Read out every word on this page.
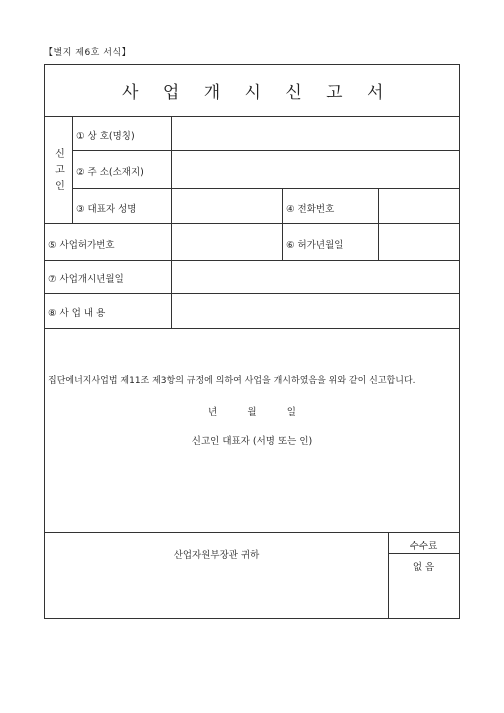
【별지 제6호 서식】
사 업 개 시 신 고 서
신
고
인
① 상 호(명칭)
② 주 소(소재지)
③ 대표자 성명	④ 전화번호
⑤ 사업허가번호	⑥ 허가년월일
⑦ 사업개시년월일
⑧ 사 업 내 용
집단에너지사업법 제11조 제3항의 규정에 의하여 사업을 개시하였음을 위와 같이 신고합니다.
년          월          일
신고인 대표자 (서명 또는 인)
산업자원부장관 귀하
수수료
없 음
